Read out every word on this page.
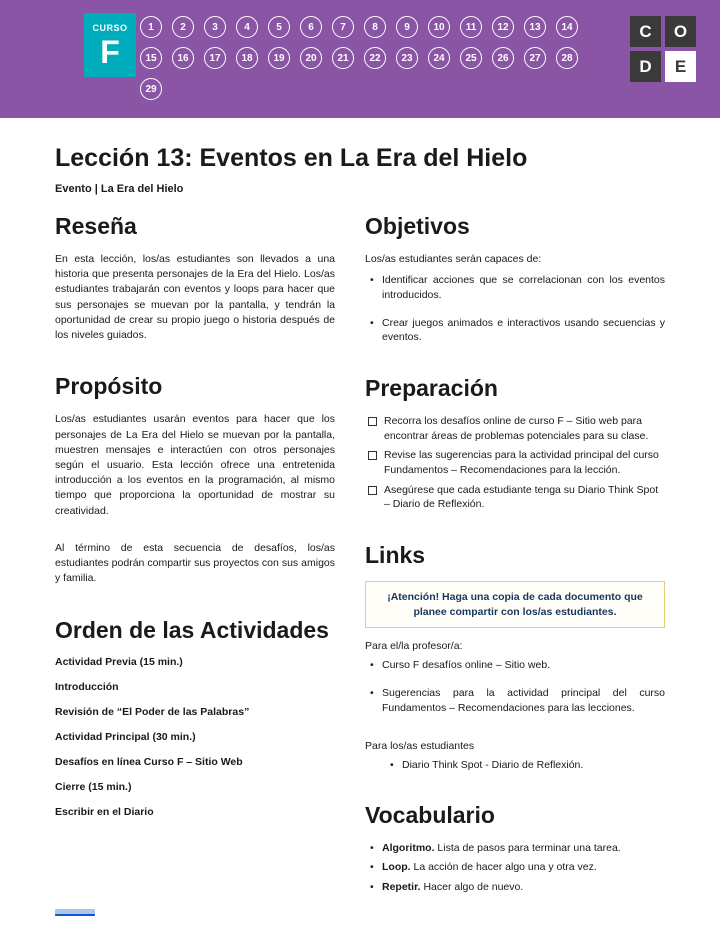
CURSO
F
1	2	3	4	5	6	7	8	9	10	11	12	13	14
15	16	17	18	19	20	21	22	23	24	25	26	27	28
29
C	O
D	E
Lección 13: Eventos en La Era del Hielo
Evento | La Era del Hielo
Reseña

En esta lección, los/as estudiantes son llevados a una historia que presenta personajes de la Era del Hielo. Los/as estudiantes trabajarán con eventos y loops para hacer que sus personajes se muevan por la pantalla, y tendrán la oportunidad de crear su propio juego o historia después de los niveles guiados.

Propósito

Los/as estudiantes usarán eventos para hacer que los personajes de La Era del Hielo se muevan por la pantalla, muestren mensajes e interactúen con otros personajes según el usuario. Esta lección ofrece una entretenida introducción a los eventos en la programación, al mismo tiempo que proporciona la oportunidad de mostrar su creatividad.

Al término de esta secuencia de desafíos, los/as estudiantes podrán compartir sus proyectos con sus amigos y familia.

Orden de las Actividades

Actividad Previa (15 min.)

Introducción

Revisión de “El Poder de las Palabras”

Actividad Principal (30 min.)

Desafíos en línea Curso F – Sitio Web

Cierre (15 min.)

Escribir en el Diario

Objetivos

Los/as estudiantes serán capaces de:

• Identificar acciones que se correlacionan con los eventos introducidos.
• Crear juegos animados e interactivos usando secuencias y eventos.
Preparación
Recorra los desafíos online de curso F – Sitio web para encontrar áreas de problemas potenciales para su clase.
Revise las sugerencias para la actividad principal del curso Fundamentos – Recomendaciones para la lección.
Asegúrese que cada estudiante tenga su Diario Think Spot – Diario de Reflexión.
Links
¡Atención! Haga una copia de cada documento que planee compartir con los/as estudiantes.

Para el/la profesor/a:

• Curso F desafíos online – Sitio web.
• Sugerencias para la actividad principal del curso Fundamentos – Recomendaciones para las lecciones.

Para los/as estudiantes

• Diario Think Spot - Diario de Reflexión.
Vocabulario
• Algoritmo. Lista de pasos para terminar una tarea.
• Loop. La acción de hacer algo una y otra vez.
• Repetir. Hacer algo de nuevo.
